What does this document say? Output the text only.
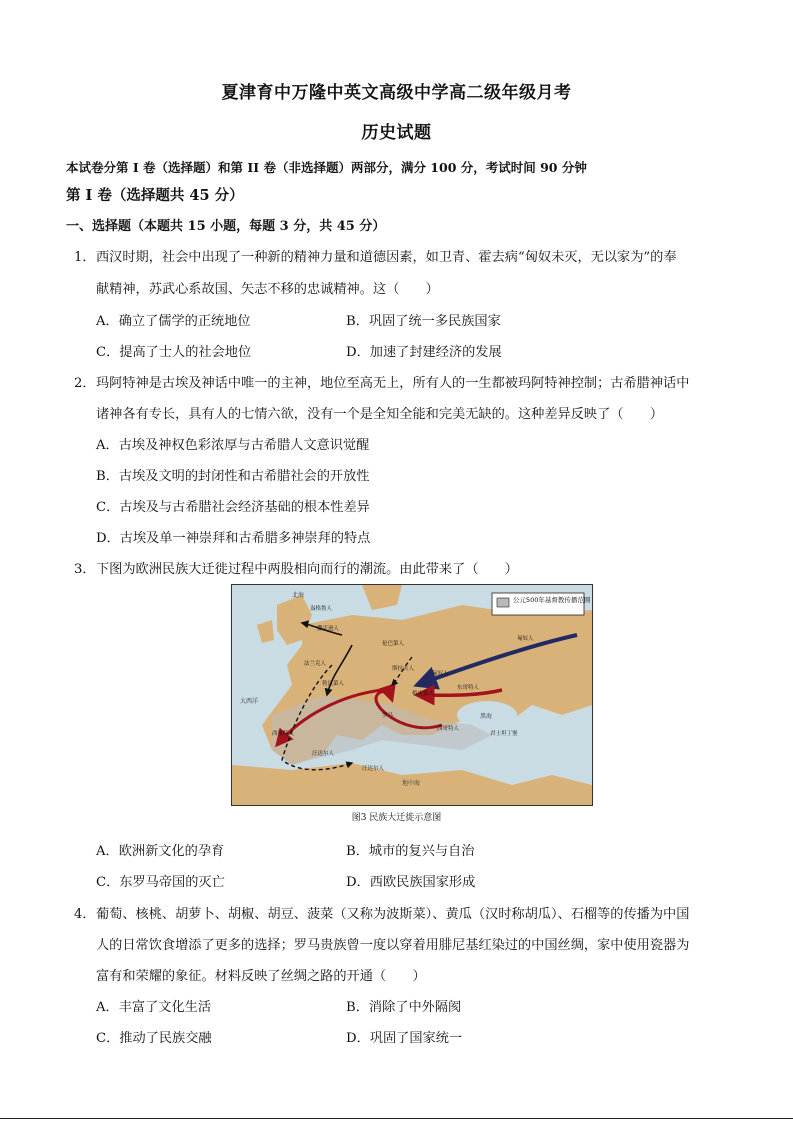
夏津育中万隆中英文高级中学高二级年级月考
历史试题
本试卷分第 I 卷（选择题）和第 II 卷（非选择题）两部分，满分 100 分，考试时间 90 分钟
第 I 卷（选择题共 45 分）
一、选择题（本题共 15 小题，每题 3 分，共 45 分）
1． 西汉时期，社会中出现了一种新的精神力量和道德因素，如卫青、霍去病“匈奴未灭，无以家为”的奉
献精神，苏武心系故国、矢志不移的忠诚精神。这（　　）
A．确立了儒学的正统地位	B．巩固了统一多民族国家
C．提高了士人的社会地位	D．加速了封建经济的发展
2． 玛阿特神是古埃及神话中唯一的主神，地位至高无上，所有人的一生都被玛阿特神控制；古希腊神话中
诸神各有专长，具有人的七情六欲，没有一个是全知全能和完美无缺的。这种差异反映了（　　）
A．古埃及神权色彩浓厚与古希腊人文意识觉醒
B．古埃及文明的封闭性和古希腊社会的开放性
C．古埃及与古希腊社会经济基础的根本性差异
D．古埃及单一神崇拜和古希腊多神崇拜的特点
3． 下图为欧洲民族大迁徙过程中两股相向而行的潮流。由此带来了（　　）
公元500年基督教传播范围
北海
大西洋
黑海
地中海
盎格鲁人
撒克逊人
伦巴第人
法兰克人
勃艮第人
西哥特人
汪达尔人
匈奴人
匈奴人
东哥特人
罗马
君士坦丁堡
西哥特人
汪达尔人
斯拉夫人
格皮德人
图3 民族大迁徙示意图
A．欧洲新文化的孕育	B．城市的复兴与自治
C．东罗马帝国的灭亡	D．西欧民族国家形成
4． 葡萄、核桃、胡萝卜、胡椒、胡豆、菠菜（又称为波斯菜）、黄瓜（汉时称胡瓜）、石榴等的传播为中国
人的日常饮食增添了更多的选择；罗马贵族曾一度以穿着用腓尼基红染过的中国丝绸，家中使用瓷器为
富有和荣耀的象征。材料反映了丝绸之路的开通（　　）
A．丰富了文化生活	B．消除了中外隔阂
C．推动了民族交融	D．巩固了国家统一
